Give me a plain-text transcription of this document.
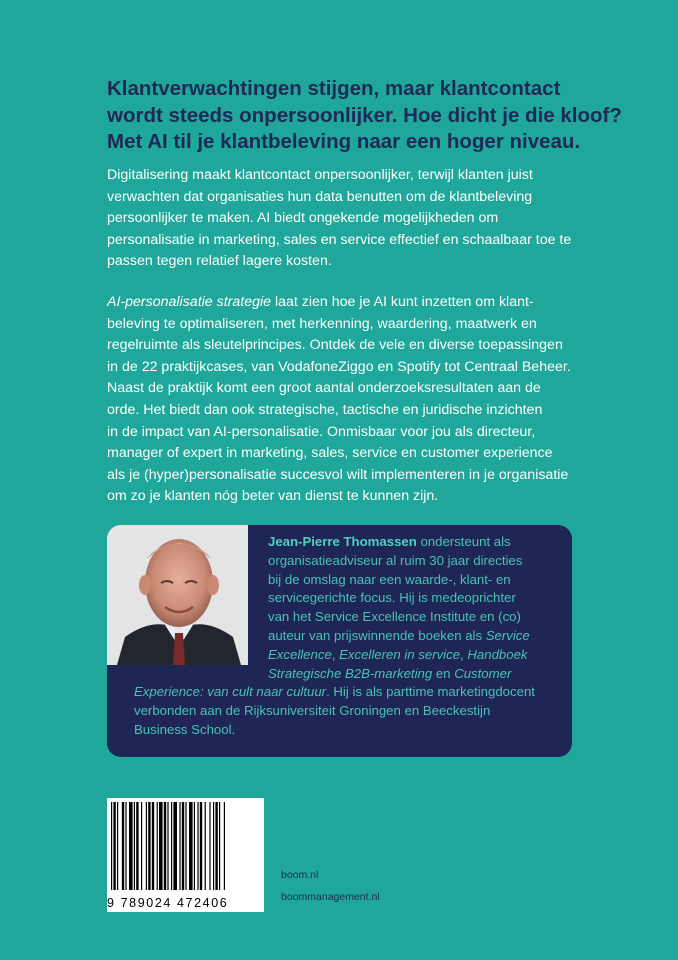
Klantverwachtingen stijgen, maar klantcontact
wordt steeds onpersoonlijker. Hoe dicht je die kloof?
Met AI til je klantbeleving naar een hoger niveau.

Digitalisering maakt klantcontact onpersoonlijker, terwijl klanten juist
verwachten dat organisaties hun data benutten om de klantbeleving
persoonlijker te maken. AI biedt ongekende mogelijkheden om
personalisatie in marketing, sales en service effectief en schaalbaar toe te
passen tegen relatief lagere kosten.

AI-personalisatie strategie laat zien hoe je AI kunt inzetten om klant-
beleving te optimaliseren, met herkenning, waardering, maatwerk en
regelruimte als sleutelprincipes. Ontdek de vele en diverse toepassingen
in de 22 praktijkcases, van VodafoneZiggo en Spotify tot Centraal Beheer.
Naast de praktijk komt een groot aantal onderzoeksresultaten aan de
orde. Het biedt dan ook strategische, tactische en juridische inzichten
in de impact van AI-personalisatie. Onmisbaar voor jou als directeur,
manager of expert in marketing, sales, service en customer experience
als je (hyper)personalisatie succesvol wilt implementeren in je organisatie
om zo je klanten nóg beter van dienst te kunnen zijn.

Jean-Pierre Thomassen ondersteunt als
organisatieadviseur al ruim 30 jaar directies
bij de omslag naar een waarde-, klant- en
servicegerichte focus. Hij is medeoprichter
van het Service Excellence Institute en (co)
auteur van prijswinnende boeken als Service
Excellence, Excelleren in service, Handboek
Strategische B2B-marketing en Customer
Experience: van cult naar cultuur. Hij is als parttime marketingdocent
verbonden aan de Rijksuniversiteit Groningen en Beeckestijn
Business School.
9 789024 472406
boom.nl
boommanagement.nl
